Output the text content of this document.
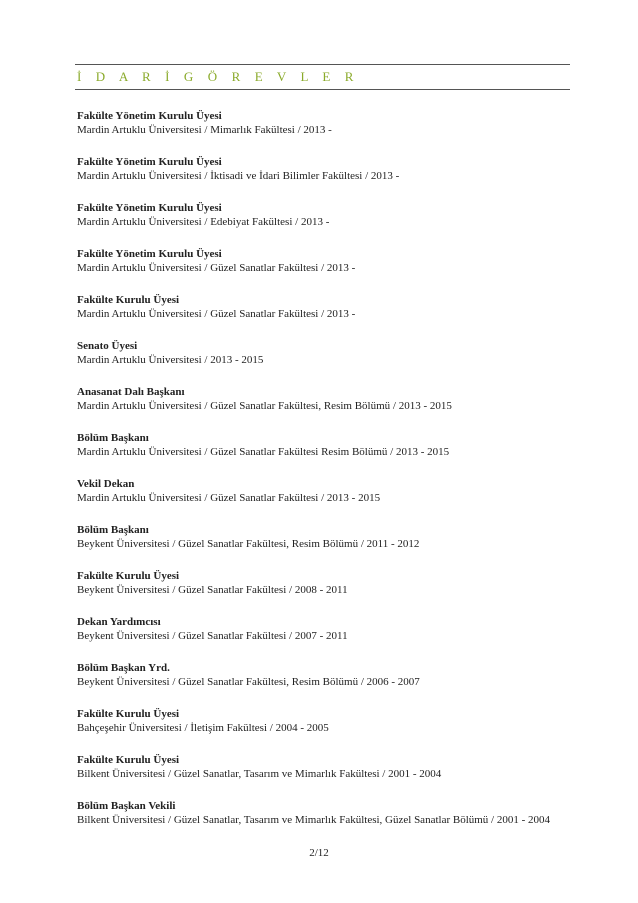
İ D A R İ G Ö R E V L E R
Fakülte Yönetim Kurulu Üyesi
Mardin Artuklu Üniversitesi / Mimarlık Fakültesi / 2013 -
Fakülte Yönetim Kurulu Üyesi
Mardin Artuklu Üniversitesi / İktisadi ve İdari Bilimler Fakültesi / 2013 -
Fakülte Yönetim Kurulu Üyesi
Mardin Artuklu Üniversitesi / Edebiyat Fakültesi / 2013 -
Fakülte Yönetim Kurulu Üyesi
Mardin Artuklu Üniversitesi / Güzel Sanatlar Fakültesi / 2013 -
Fakülte Kurulu Üyesi
Mardin Artuklu Üniversitesi / Güzel Sanatlar Fakültesi / 2013 -
Senato Üyesi
Mardin Artuklu Üniversitesi / 2013 - 2015
Anasanat Dalı Başkanı
Mardin Artuklu Üniversitesi / Güzel Sanatlar Fakültesi, Resim Bölümü / 2013 - 2015
Bölüm Başkanı
Mardin Artuklu Üniversitesi / Güzel Sanatlar Fakültesi Resim Bölümü / 2013 - 2015
Vekil Dekan
Mardin Artuklu Üniversitesi / Güzel Sanatlar Fakültesi / 2013 - 2015
Bölüm Başkanı
Beykent Üniversitesi / Güzel Sanatlar Fakültesi, Resim Bölümü / 2011 - 2012
Fakülte Kurulu Üyesi
Beykent Üniversitesi / Güzel Sanatlar Fakültesi / 2008 - 2011
Dekan Yardımcısı
Beykent Üniversitesi / Güzel Sanatlar Fakültesi / 2007 - 2011
Bölüm Başkan Yrd.
Beykent Üniversitesi / Güzel Sanatlar Fakültesi, Resim Bölümü / 2006 - 2007
Fakülte Kurulu Üyesi
Bahçeşehir Üniversitesi / İletişim Fakültesi / 2004 - 2005
Fakülte Kurulu Üyesi
Bilkent Üniversitesi / Güzel Sanatlar, Tasarım ve Mimarlık Fakültesi / 2001 - 2004
Bölüm Başkan Vekili
Bilkent Üniversitesi / Güzel Sanatlar, Tasarım ve Mimarlık Fakültesi, Güzel Sanatlar Bölümü / 2001 - 2004
2/12
